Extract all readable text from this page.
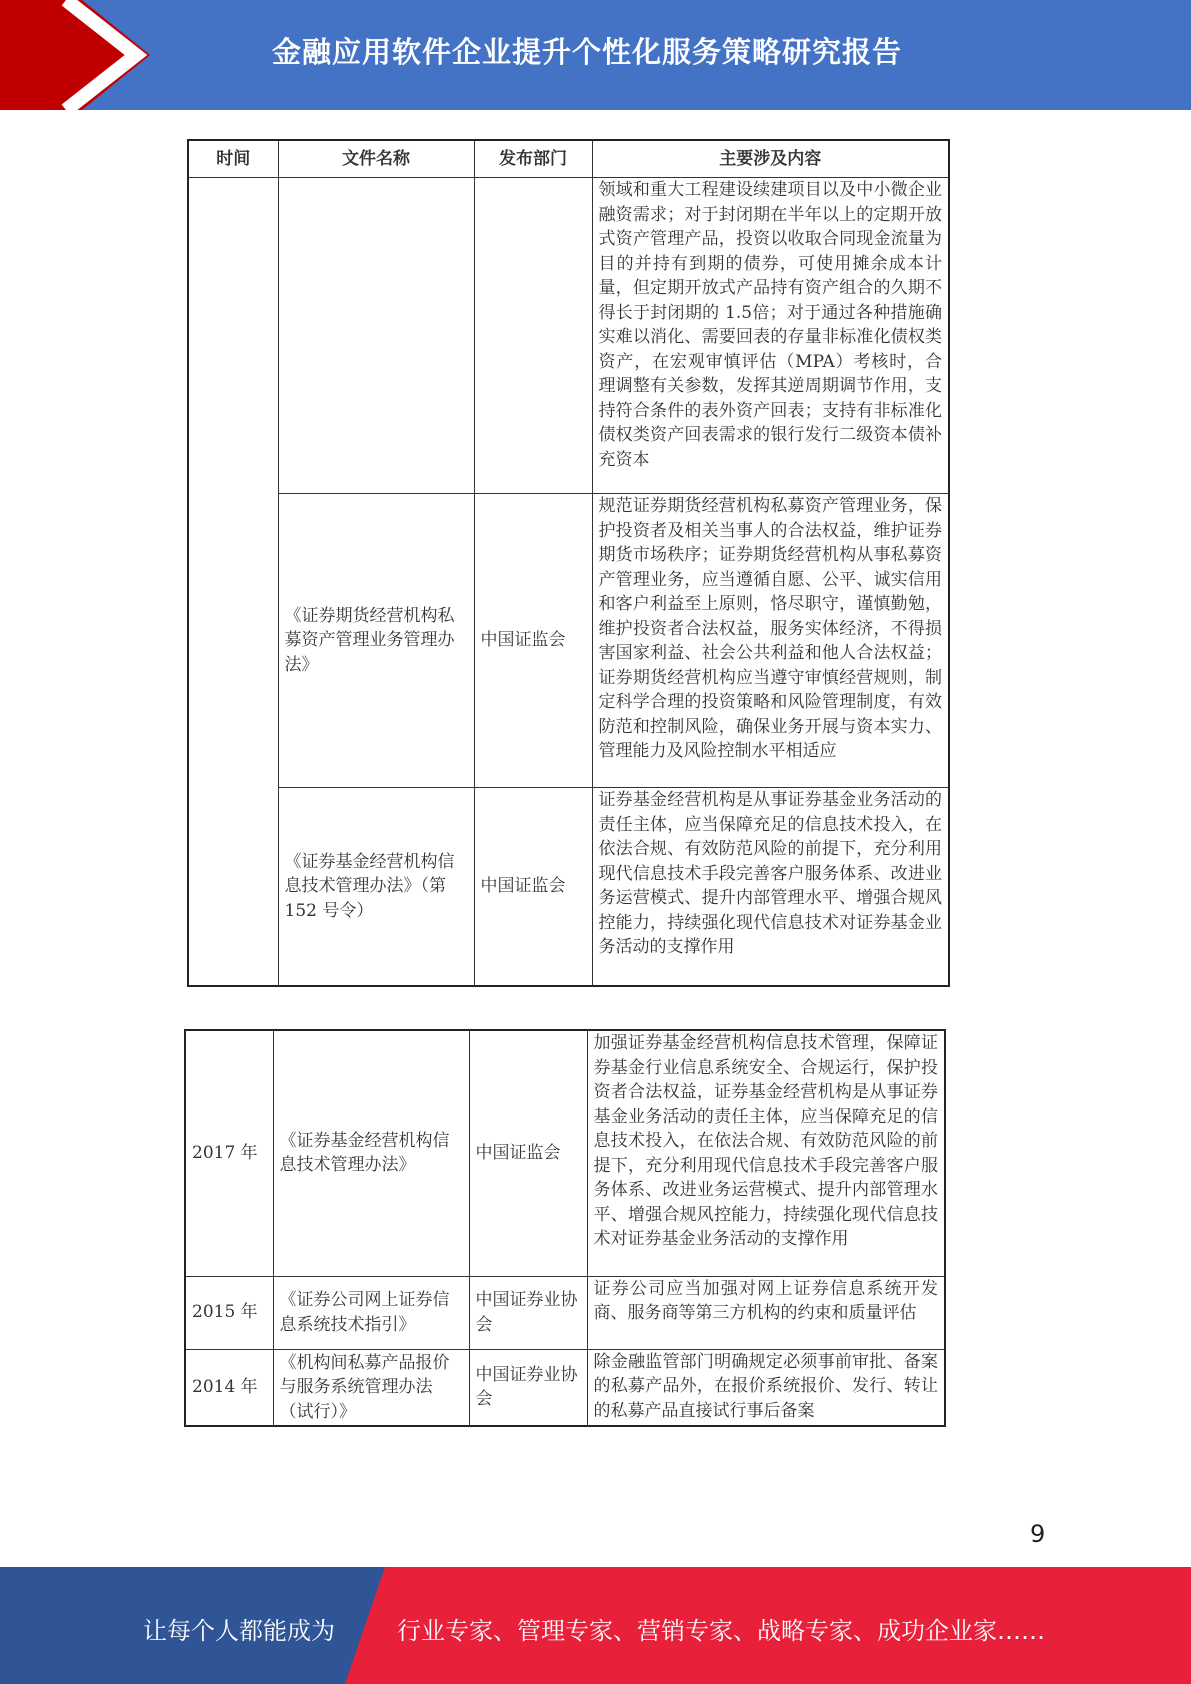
金融应用软件企业提升个性化服务策略研究报告
时间	文件名称	发布部门	主要涉及内容
			领域和重大工程建设续建项目以及中小微企业融资需求；对于封闭期在半年以上的定期开放式资产管理产品，投资以收取合同现金流量为目的并持有到期的债券，可使用摊余成本计量，但定期开放式产品持有资产组合的久期不得长于封闭期的 1.5倍；对于通过各种措施确实难以消化、需要回表的存量非标准化债权类资产，在宏观审慎评估（MPA）考核时，合理调整有关参数，发挥其逆周期调节作用，支持符合条件的表外资产回表；支持有非标准化债权类资产回表需求的银行发行二级资本债补充资本
	《证券期货经营机构私募资产管理业务管理办法》	中国证监会	规范证券期货经营机构私募资产管理业务，保护投资者及相关当事人的合法权益，维护证券期货市场秩序；证券期货经营机构从事私募资产管理业务，应当遵循自愿、公平、诚实信用和客户利益至上原则，恪尽职守，谨慎勤勉，维护投资者合法权益，服务实体经济，不得损害国家利益、社会公共利益和他人合法权益；证券期货经营机构应当遵守审慎经营规则，制定科学合理的投资策略和风险管理制度，有效防范和控制风险，确保业务开展与资本实力、管理能力及风险控制水平相适应
	《证券基金经营机构信息技术管理办法》（第 152 号令）	中国证监会	证券基金经营机构是从事证券基金业务活动的责任主体，应当保障充足的信息技术投入，在依法合规、有效防范风险的前提下，充分利用现代信息技术手段完善客户服务体系、改进业务运营模式、提升内部管理水平、增强合规风控能力，持续强化现代信息技术对证券基金业务活动的支撑作用
2017 年	《证券基金经营机构信息技术管理办法》	中国证监会	加强证券基金经营机构信息技术管理，保障证券基金行业信息系统安全、合规运行，保护投资者合法权益，证券基金经营机构是从事证券基金业务活动的责任主体，应当保障充足的信息技术投入，在依法合规、有效防范风险的前提下，充分利用现代信息技术手段完善客户服务体系、改进业务运营模式、提升内部管理水平、增强合规风控能力，持续强化现代信息技术对证券基金业务活动的支撑作用
2015 年	《证券公司网上证券信息系统技术指引》	中国证券业协会	证券公司应当加强对网上证券信息系统开发商、服务商等第三方机构的约束和质量评估
2014 年	《机构间私募产品报价与服务系统管理办法（试行）》	中国证券业协会	除金融监管部门明确规定必须事前审批、备案的私募产品外，在报价系统报价、发行、转让的私募产品直接试行事后备案
9
让每个人都能成为	行业专家、管理专家、营销专家、战略专家、成功企业家……
